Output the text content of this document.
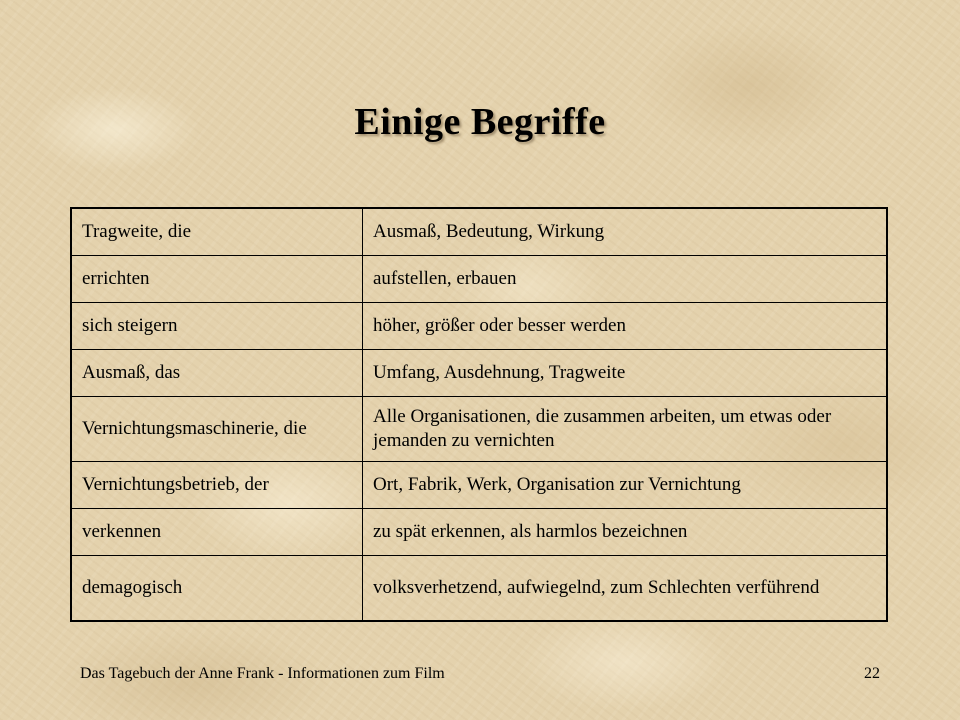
Einige Begriffe
Tragweite, die	Ausmaß, Bedeutung, Wirkung
errichten	aufstellen, erbauen
sich steigern	höher, größer oder besser werden
Ausmaß, das	Umfang, Ausdehnung, Tragweite
Vernichtungsmaschinerie, die	Alle Organisationen, die zusammen arbeiten, um etwas oder jemanden zu vernichten
Vernichtungsbetrieb, der	Ort, Fabrik, Werk, Organisation zur Vernichtung
verkennen	zu spät erkennen, als harmlos bezeichnen
demagogisch	volksverhetzend, aufwiegelnd, zum Schlechten verführend
Das Tagebuch der Anne Frank - Informationen zum Film	22
